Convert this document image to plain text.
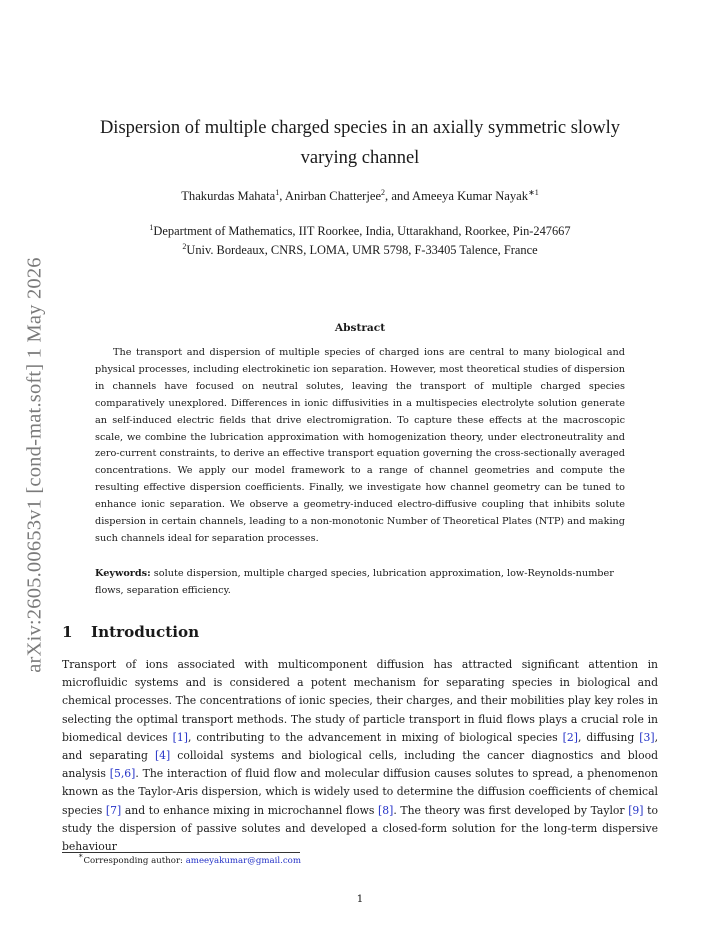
arXiv:2605.00653v1 [cond-mat.soft] 1 May 2026
Dispersion of multiple charged species in an axially symmetric slowly
varying channel
Thakurdas Mahata$^1$, Anirban Chatterjee$^2$, and Ameeya Kumar Nayak$^{∗1}$
$^1$Department of Mathematics, IIT Roorkee, India, Uttarakhand, Roorkee, Pin-247667
$^2$Univ. Bordeaux, CNRS, LOMA, UMR 5798, F-33405 Talence, France
Abstract
The transport and dispersion of multiple species of charged ions are central to many biological and physical processes, including electrokinetic ion separation. However, most theoretical studies of dispersion in channels have focused on neutral solutes, leaving the transport of multiple charged species comparatively unexplored. Differences in ionic diffusivities in a multispecies electrolyte solution generate an self-induced electric fields that drive electromigration. To capture these effects at the macroscopic scale, we combine the lubrication approximation with homogenization theory, under electroneutrality and zero-current constraints, to derive an effective transport equation governing the cross-sectionally averaged concentrations. We apply our model framework to a range of channel geometries and compute the resulting effective dispersion coefficients. Finally, we investigate how channel geometry can be tuned to enhance ionic separation. We observe a geometry-induced electro-diffusive coupling that inhibits solute dispersion in certain channels, leading to a non-monotonic Number of Theoretical Plates (NTP) and making such channels ideal for separation processes.
Keywords: solute dispersion, multiple charged species, lubrication approximation, low-Reynolds-number flows, separation efficiency.
1 Introduction
Transport of ions associated with multicomponent diffusion has attracted significant attention in microfluidic systems and is considered a potent mechanism for separating species in biological and chemical processes. The concentrations of ionic species, their charges, and their mobilities play key roles in selecting the optimal transport methods. The study of particle transport in fluid flows plays a crucial role in biomedical devices [1], contributing to the advancement in mixing of biological species [2], diffusing [3], and separating [4] colloidal systems and biological cells, including the cancer diagnostics and blood analysis [5,6]. The interaction of fluid flow and molecular diffusion causes solutes to spread, a phenomenon known as the Taylor-Aris dispersion, which is widely used to determine the diffusion coefficients of chemical species [7] and to enhance mixing in microchannel flows [8]. The theory was first developed by Taylor [9] to study the dispersion of passive solutes and developed a closed-form solution for the long-term dispersive behaviour
∗Corresponding author: ameeyakumar@gmail.com
1
